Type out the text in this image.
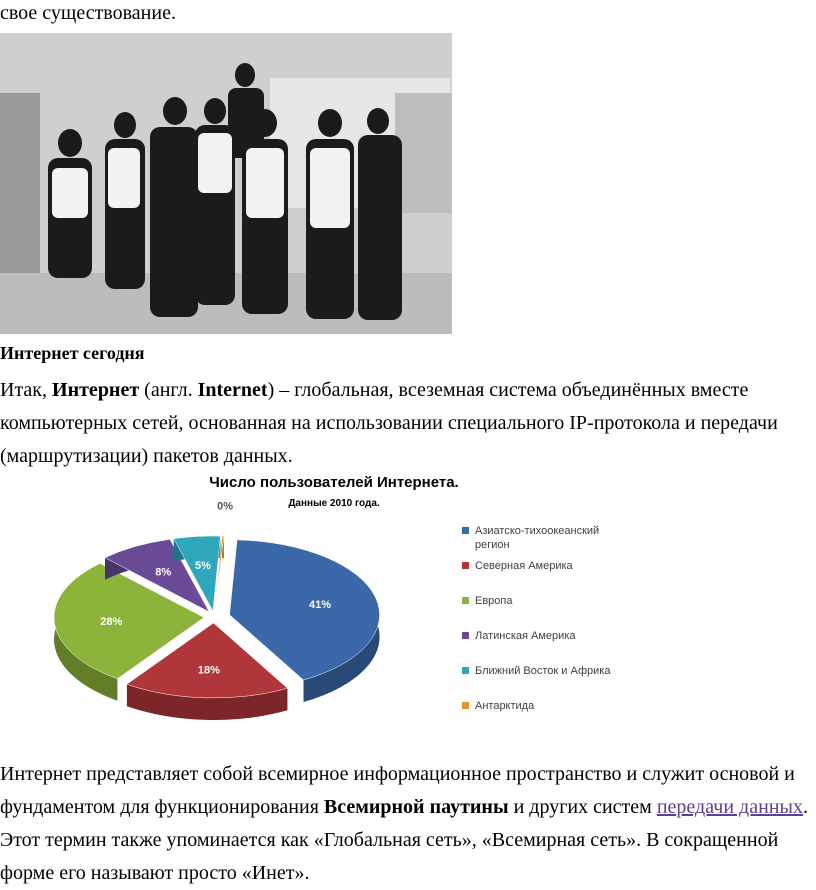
свое существование.

Интернет сегодня

Итак, Интернет (англ. Internet) – глобальная, всеземная система объединённых вместе компьютерных сетей, основанная на использовании специального IP-протокола и передачи (маршрутизации) пакетов данных.

Число пользователей Интернета.
Данные 2010 года.
41%
18%
28%
8%
5%
0%
Азиатско-тихоокеанский
регион
Северная Америка
Европа
Латинская Америка
Ближний Восток и Африка
Антарктида

Интернет представляет собой всемирное информационное пространство и служит основой и фундаментом для функционирования Всемирной паутины и других систем передачи данных. Этот термин также упоминается как «Глобальная сеть», «Всемирная сеть». В сокращенной форме его называют просто «Инет».
